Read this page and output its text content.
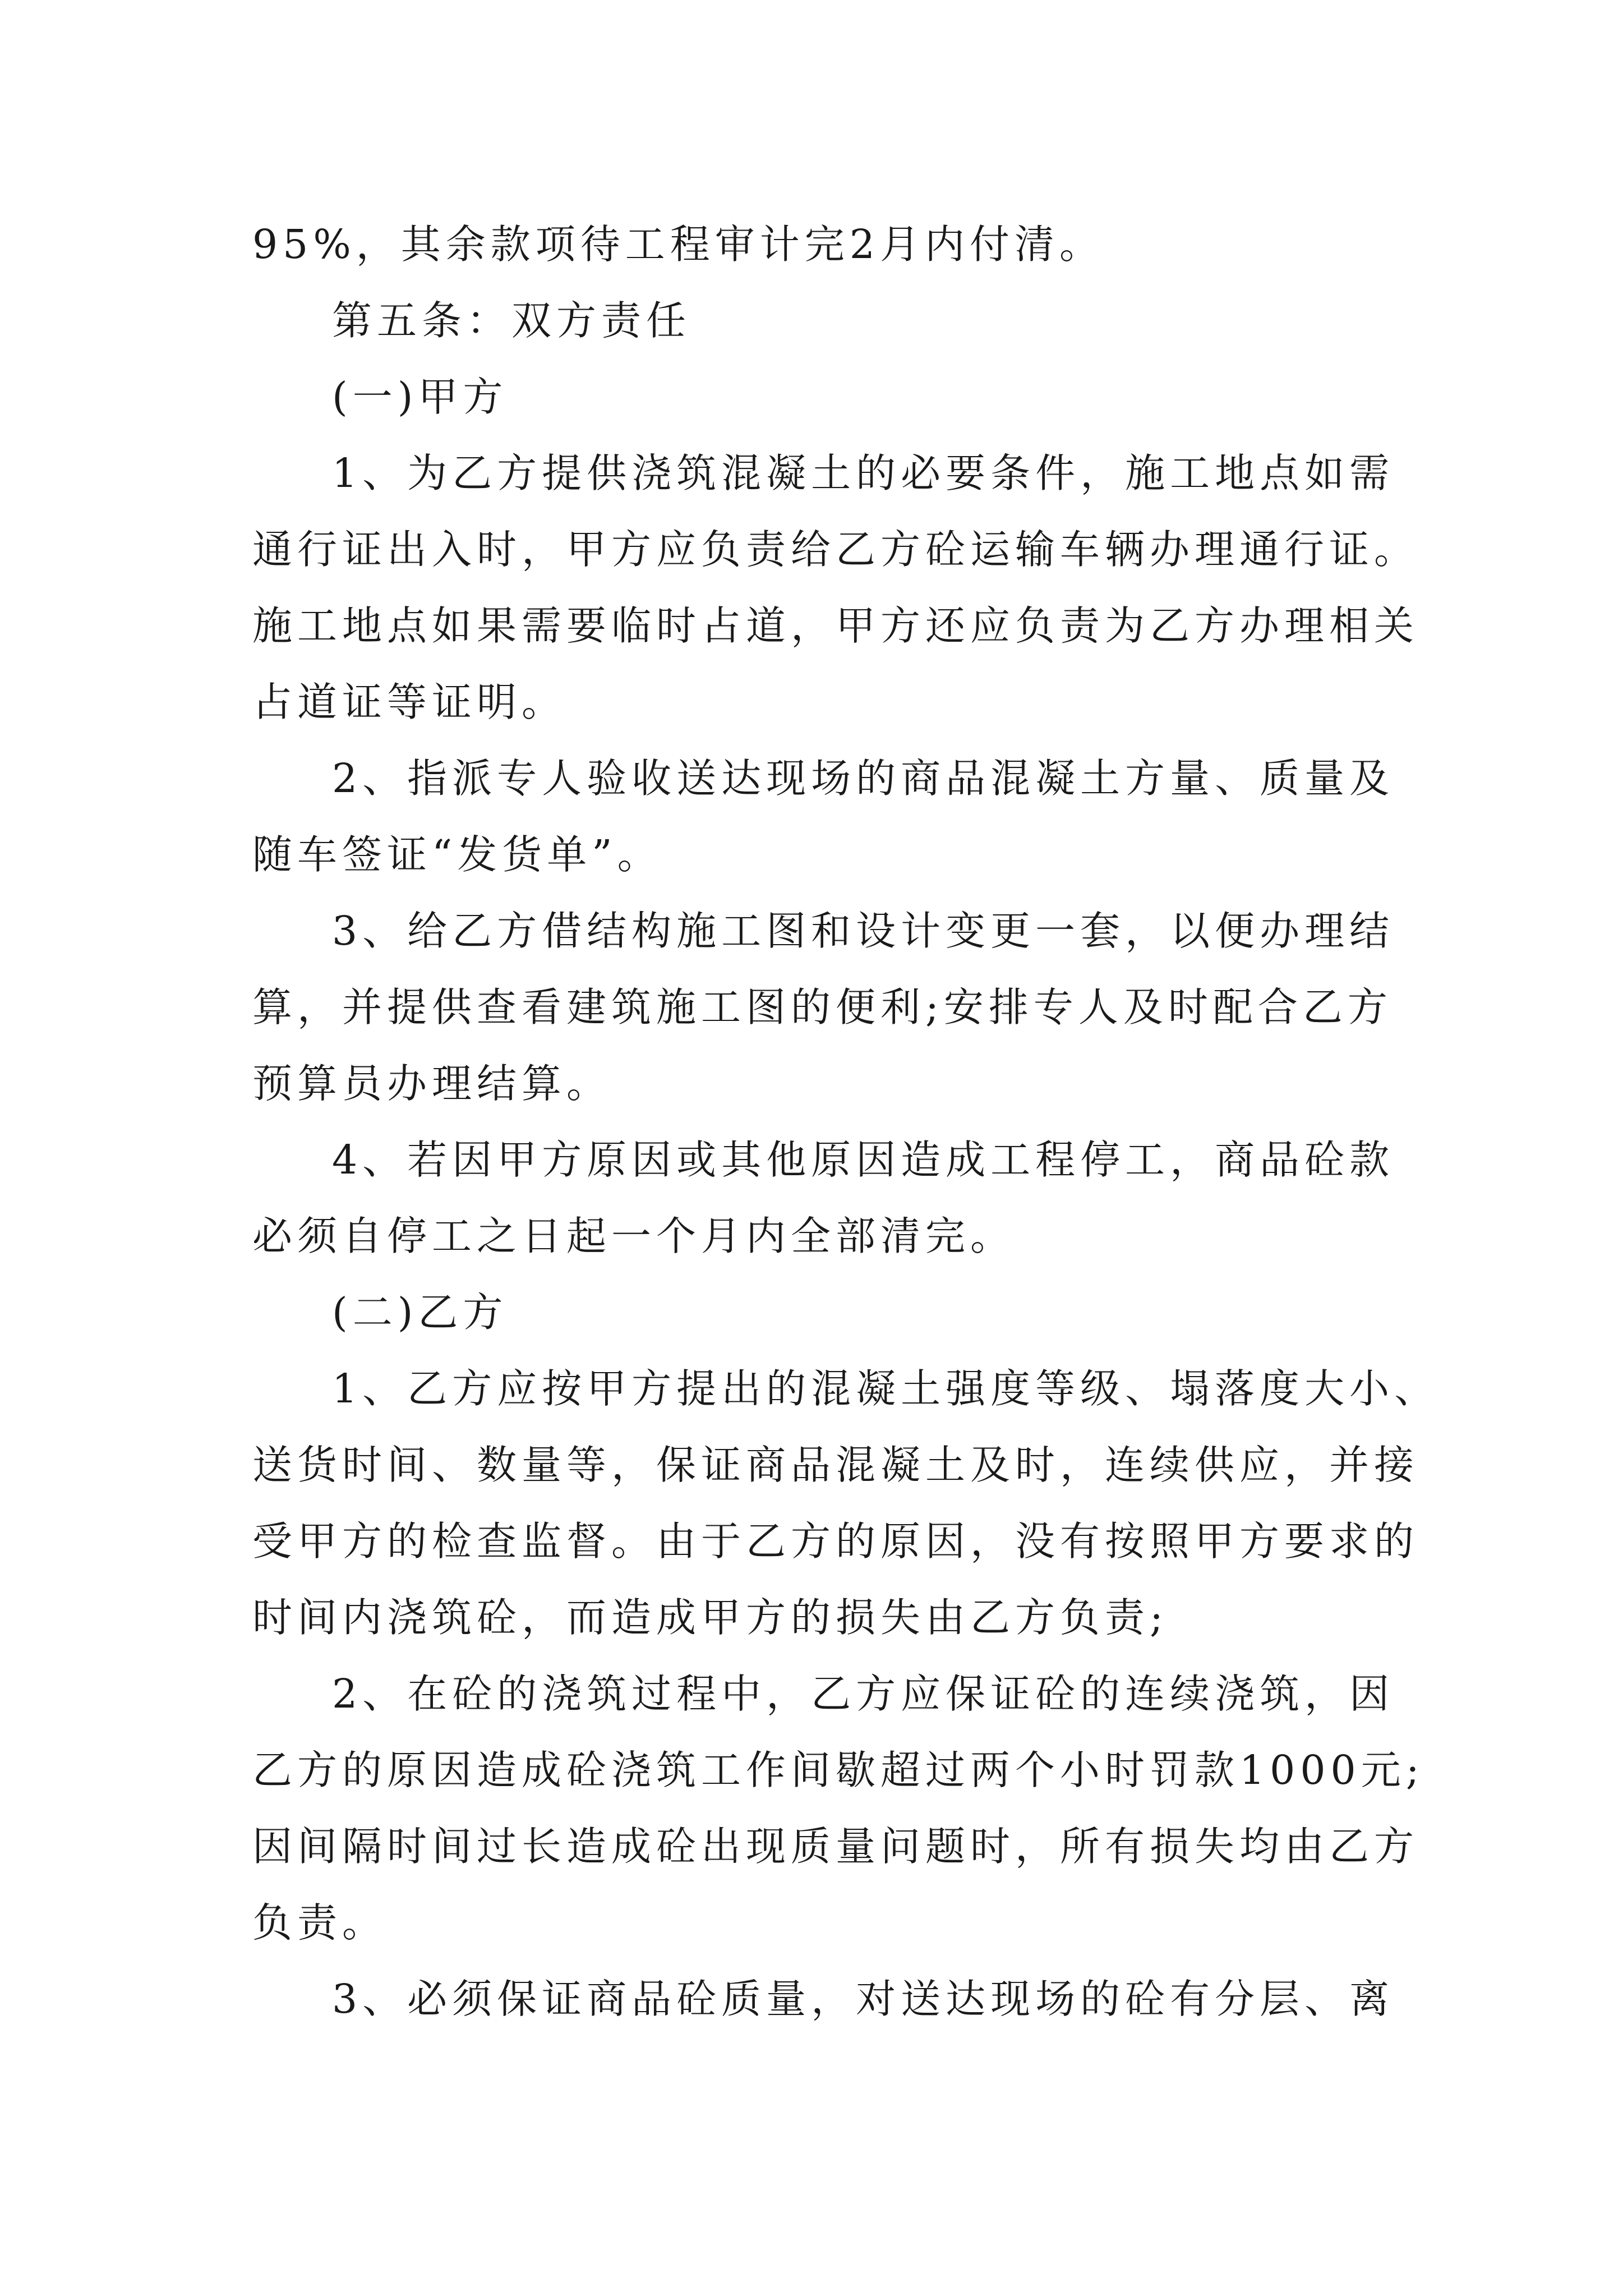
95%，其余款项待工程审计完2月内付清。
第五条：双方责任
(一)甲方
1、为乙方提供浇筑混凝土的必要条件，施工地点如需
通行证出入时，甲方应负责给乙方砼运输车辆办理通行证。
施工地点如果需要临时占道，甲方还应负责为乙方办理相关
占道证等证明。
2、指派专人验收送达现场的商品混凝土方量、质量及
随车签证“发货单”。
3、给乙方借结构施工图和设计变更一套，以便办理结
算，并提供查看建筑施工图的便利;安排专人及时配合乙方
预算员办理结算。
4、若因甲方原因或其他原因造成工程停工，商品砼款
必须自停工之日起一个月内全部清完。
(二)乙方
1、乙方应按甲方提出的混凝土强度等级、塌落度大小、
送货时间、数量等，保证商品混凝土及时，连续供应，并接
受甲方的检查监督。由于乙方的原因，没有按照甲方要求的
时间内浇筑砼，而造成甲方的损失由乙方负责;
2、在砼的浇筑过程中，乙方应保证砼的连续浇筑，因
乙方的原因造成砼浇筑工作间歇超过两个小时罚款1000元;
因间隔时间过长造成砼出现质量问题时，所有损失均由乙方
负责。
3、必须保证商品砼质量，对送达现场的砼有分层、离
